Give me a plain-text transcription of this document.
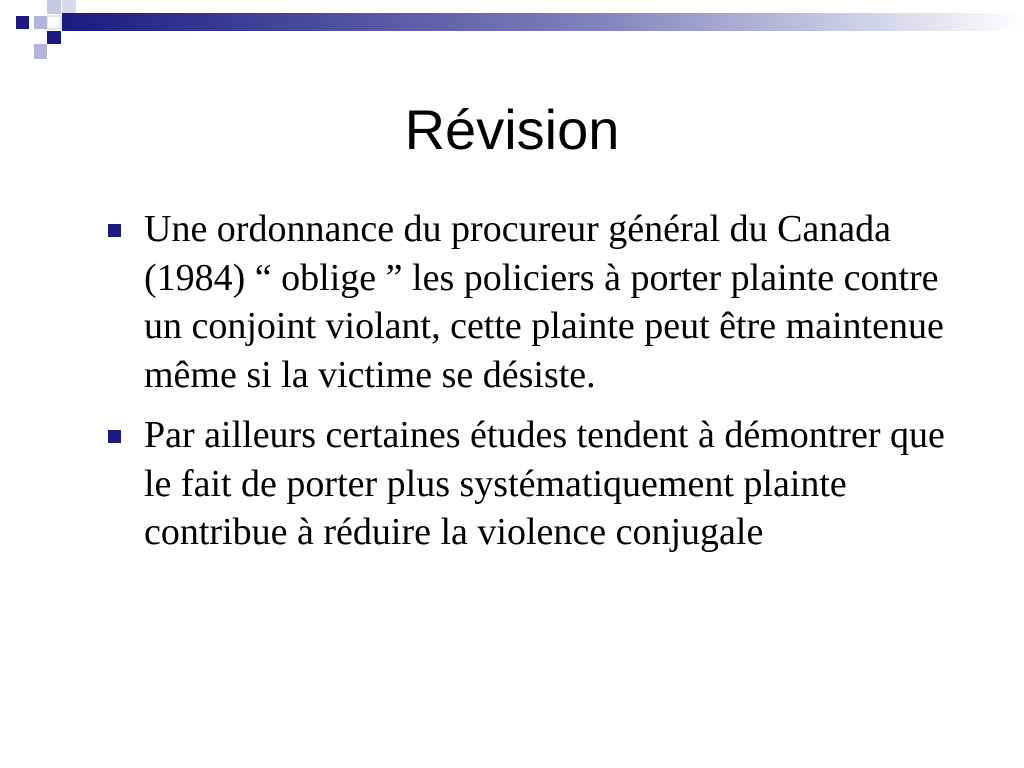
Révision
Une ordonnance du procureur général du Canada (1984) “ oblige ” les policiers à porter plainte contre un conjoint violant, cette plainte peut être maintenue même si la victime se désiste.
Par ailleurs certaines études tendent à démontrer que le fait de porter plus systématiquement plainte contribue à réduire la violence conjugale
